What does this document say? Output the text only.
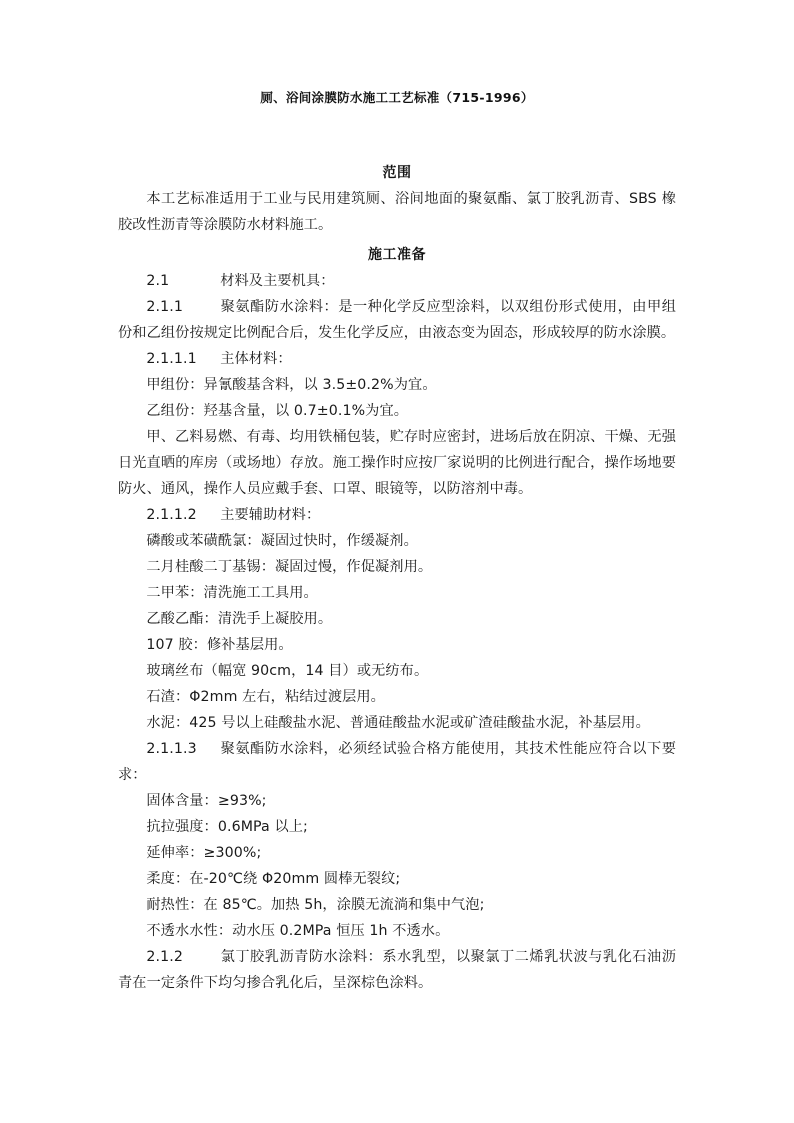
厕、浴间涂膜防水施工工艺标准（715-1996）
范围

本工艺标准适用于工业与民用建筑厕、浴间地面的聚氨酯、氯丁胶乳沥青、SBS 橡胶改性沥青等涂膜防水材料施工。

施工准备

2.1	材料及主要机具：

2.1.1	聚氨酯防水涂料：是一种化学反应型涂料，以双组份形式使用，由甲组份和乙组份按规定比例配合后，发生化学反应，由液态变为固态，形成较厚的防水涂膜。

2.1.1.1 主体材料：

甲组份：异氰酸基含料，以 3.5±0.2%为宜。

乙组份：羟基含量，以 0.7±0.1%为宜。

甲、乙料易燃、有毒、均用铁桶包装，贮存时应密封，进场后放在阴凉、干燥、无强日光直晒的库房（或场地）存放。施工操作时应按厂家说明的比例进行配合，操作场地要防火、通风，操作人员应戴手套、口罩、眼镜等，以防溶剂中毒。

2.1.1.2 主要辅助材料：

磷酸或苯磺酰氯：凝固过快时，作缓凝剂。

二月桂酸二丁基锡：凝固过慢，作促凝剂用。

二甲苯：清洗施工工具用。

乙酸乙酯：清洗手上凝胶用。

107 胶：修补基层用。

玻璃丝布（幅宽 90cm，14 目）或无纺布。

石渣：Φ2mm 左右，粘结过渡层用。

水泥：425 号以上硅酸盐水泥、普通硅酸盐水泥或矿渣硅酸盐水泥，补基层用。

2.1.1.3 聚氨酯防水涂料，必须经试验合格方能使用，其技术性能应符合以下要求：

固体含量：≥93%;

抗拉强度：0.6MPa 以上;

延伸率：≥300%;

柔度：在-20℃绕 Φ20mm 圆棒无裂纹;

耐热性：在 85℃。加热 5h，涂膜无流淌和集中气泡;

不透水水性：动水压 0.2MPa 恒压 1h 不透水。

2.1.2	氯丁胶乳沥青防水涂料：系水乳型，以聚氯丁二烯乳状波与乳化石油沥青在一定条件下均匀掺合乳化后，呈深棕色涂料。
